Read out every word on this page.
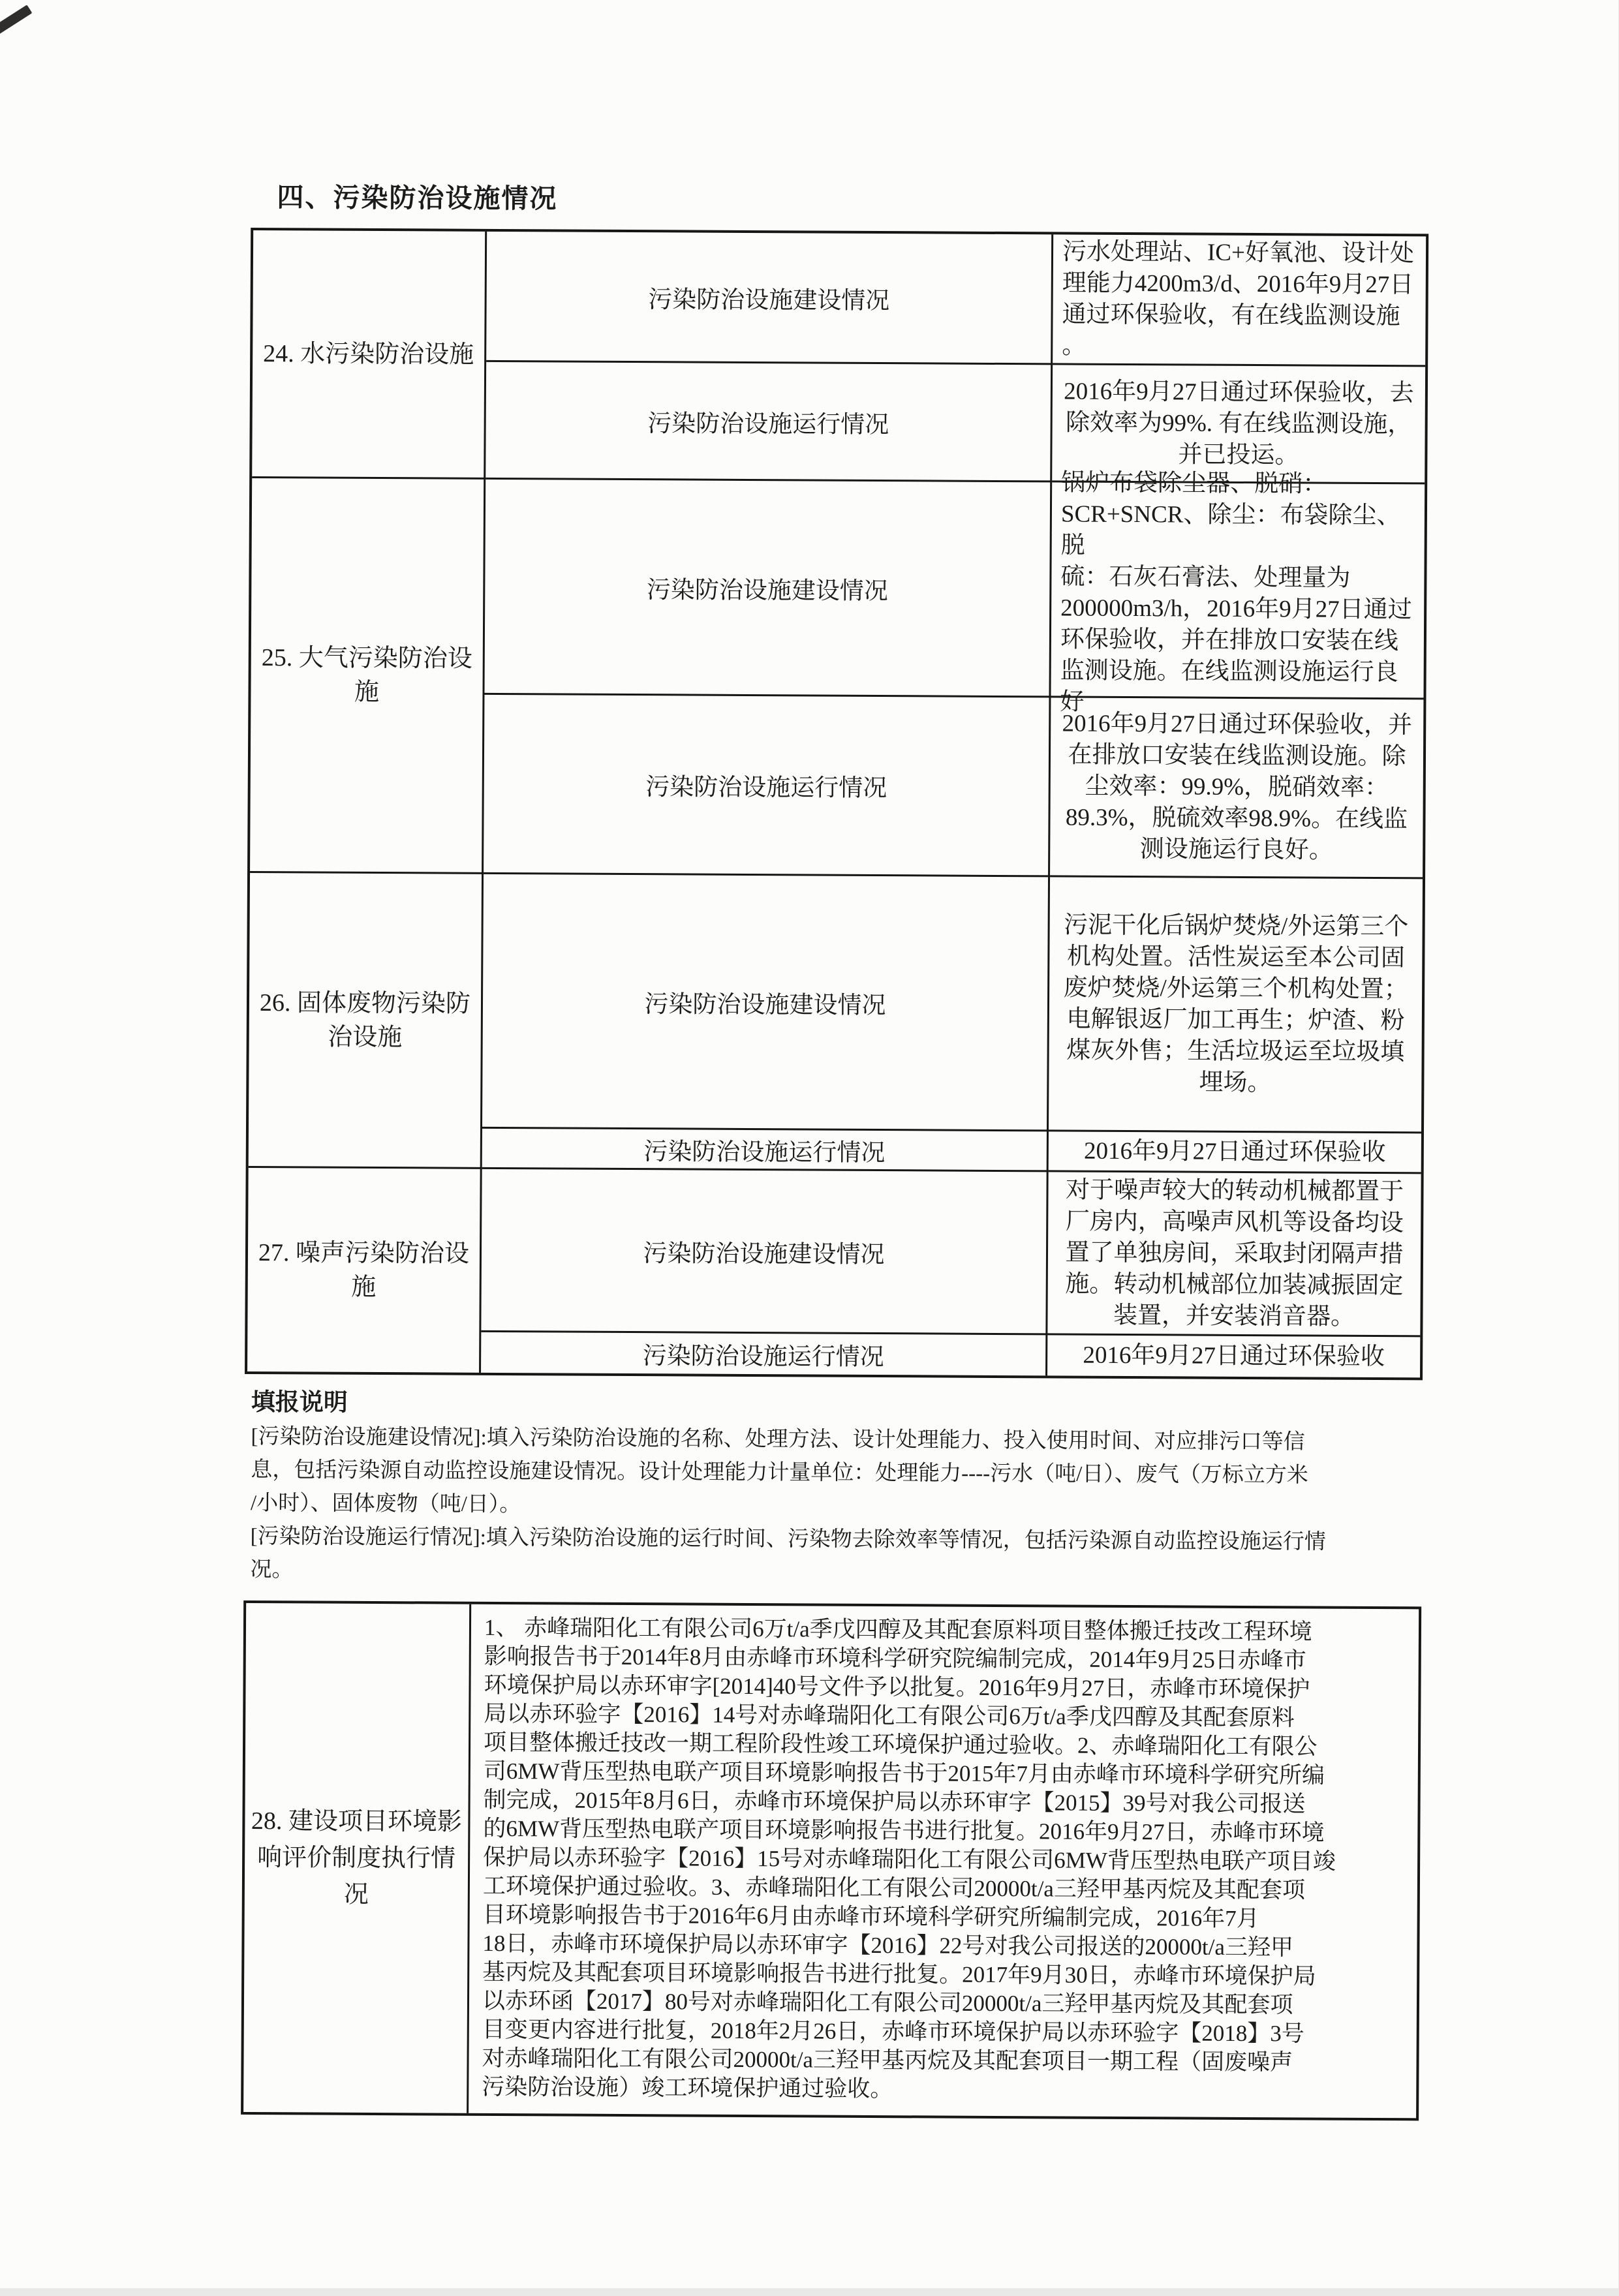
四、污染防治设施情况
24. 水污染防治设施
污染防治设施建设情况
污水处理站、IC+好氧池、设计处
理能力4200m3/d、2016年9月27日
通过环保验收，有在线监测设施
。
污染防治设施运行情况
2016年9月27日通过环保验收，去
除效率为99%. 有在线监测设施，
并已投运。
25. 大气污染防治设
施
污染防治设施建设情况
锅炉布袋除尘器、脱硝：
SCR+SNCR、除尘：布袋除尘、脱
硫：石灰石膏法、处理量为
200000m3/h，2016年9月27日通过
环保验收，并在排放口安装在线
监测设施。在线监测设施运行良
好
污染防治设施运行情况
2016年9月27日通过环保验收，并
在排放口安装在线监测设施。除
尘效率：99.9%，脱硝效率：
89.3%，脱硫效率98.9%。在线监
测设施运行良好。
26. 固体废物污染防
治设施
污染防治设施建设情况
污泥干化后锅炉焚烧/外运第三个
机构处置。活性炭运至本公司固
废炉焚烧/外运第三个机构处置；
电解银返厂加工再生；炉渣、粉
煤灰外售；生活垃圾运至垃圾填
埋场。
污染防治设施运行情况	2016年9月27日通过环保验收
27. 噪声污染防治设
施
污染防治设施建设情况
对于噪声较大的转动机械都置于
厂房内，高噪声风机等设备均设
置了单独房间，采取封闭隔声措
施。转动机械部位加装减振固定
装置，并安装消音器。
污染防治设施运行情况	2016年9月27日通过环保验收
填报说明
[污染防治设施建设情况]:填入污染防治设施的名称、处理方法、设计处理能力、投入使用时间、对应排污口等信
息，包括污染源自动监控设施建设情况。设计处理能力计量单位：处理能力----污水（吨/日）、废气（万标立方米
/小时）、固体废物（吨/日）。
[污染防治设施运行情况]:填入污染防治设施的运行时间、污染物去除效率等情况，包括污染源自动监控设施运行情
况。
28. 建设项目环境影
响评价制度执行情
况
1、 赤峰瑞阳化工有限公司6万t/a季戊四醇及其配套原料项目整体搬迁技改工程环境
影响报告书于2014年8月由赤峰市环境科学研究院编制完成，2014年9月25日赤峰市
环境保护局以赤环审字[2014]40号文件予以批复。2016年9月27日，赤峰市环境保护
局以赤环验字【2016】14号对赤峰瑞阳化工有限公司6万t/a季戊四醇及其配套原料
项目整体搬迁技改一期工程阶段性竣工环境保护通过验收。2、赤峰瑞阳化工有限公
司6MW背压型热电联产项目环境影响报告书于2015年7月由赤峰市环境科学研究所编
制完成，2015年8月6日，赤峰市环境保护局以赤环审字【2015】39号对我公司报送
的6MW背压型热电联产项目环境影响报告书进行批复。2016年9月27日，赤峰市环境
保护局以赤环验字【2016】15号对赤峰瑞阳化工有限公司6MW背压型热电联产项目竣
工环境保护通过验收。3、赤峰瑞阳化工有限公司20000t/a三羟甲基丙烷及其配套项
目环境影响报告书于2016年6月由赤峰市环境科学研究所编制完成，2016年7月
18日，赤峰市环境保护局以赤环审字【2016】22号对我公司报送的20000t/a三羟甲
基丙烷及其配套项目环境影响报告书进行批复。2017年9月30日，赤峰市环境保护局
以赤环函【2017】80号对赤峰瑞阳化工有限公司20000t/a三羟甲基丙烷及其配套项
目变更内容进行批复，2018年2月26日，赤峰市环境保护局以赤环验字【2018】3号
对赤峰瑞阳化工有限公司20000t/a三羟甲基丙烷及其配套项目一期工程（固废噪声
污染防治设施）竣工环境保护通过验收。
